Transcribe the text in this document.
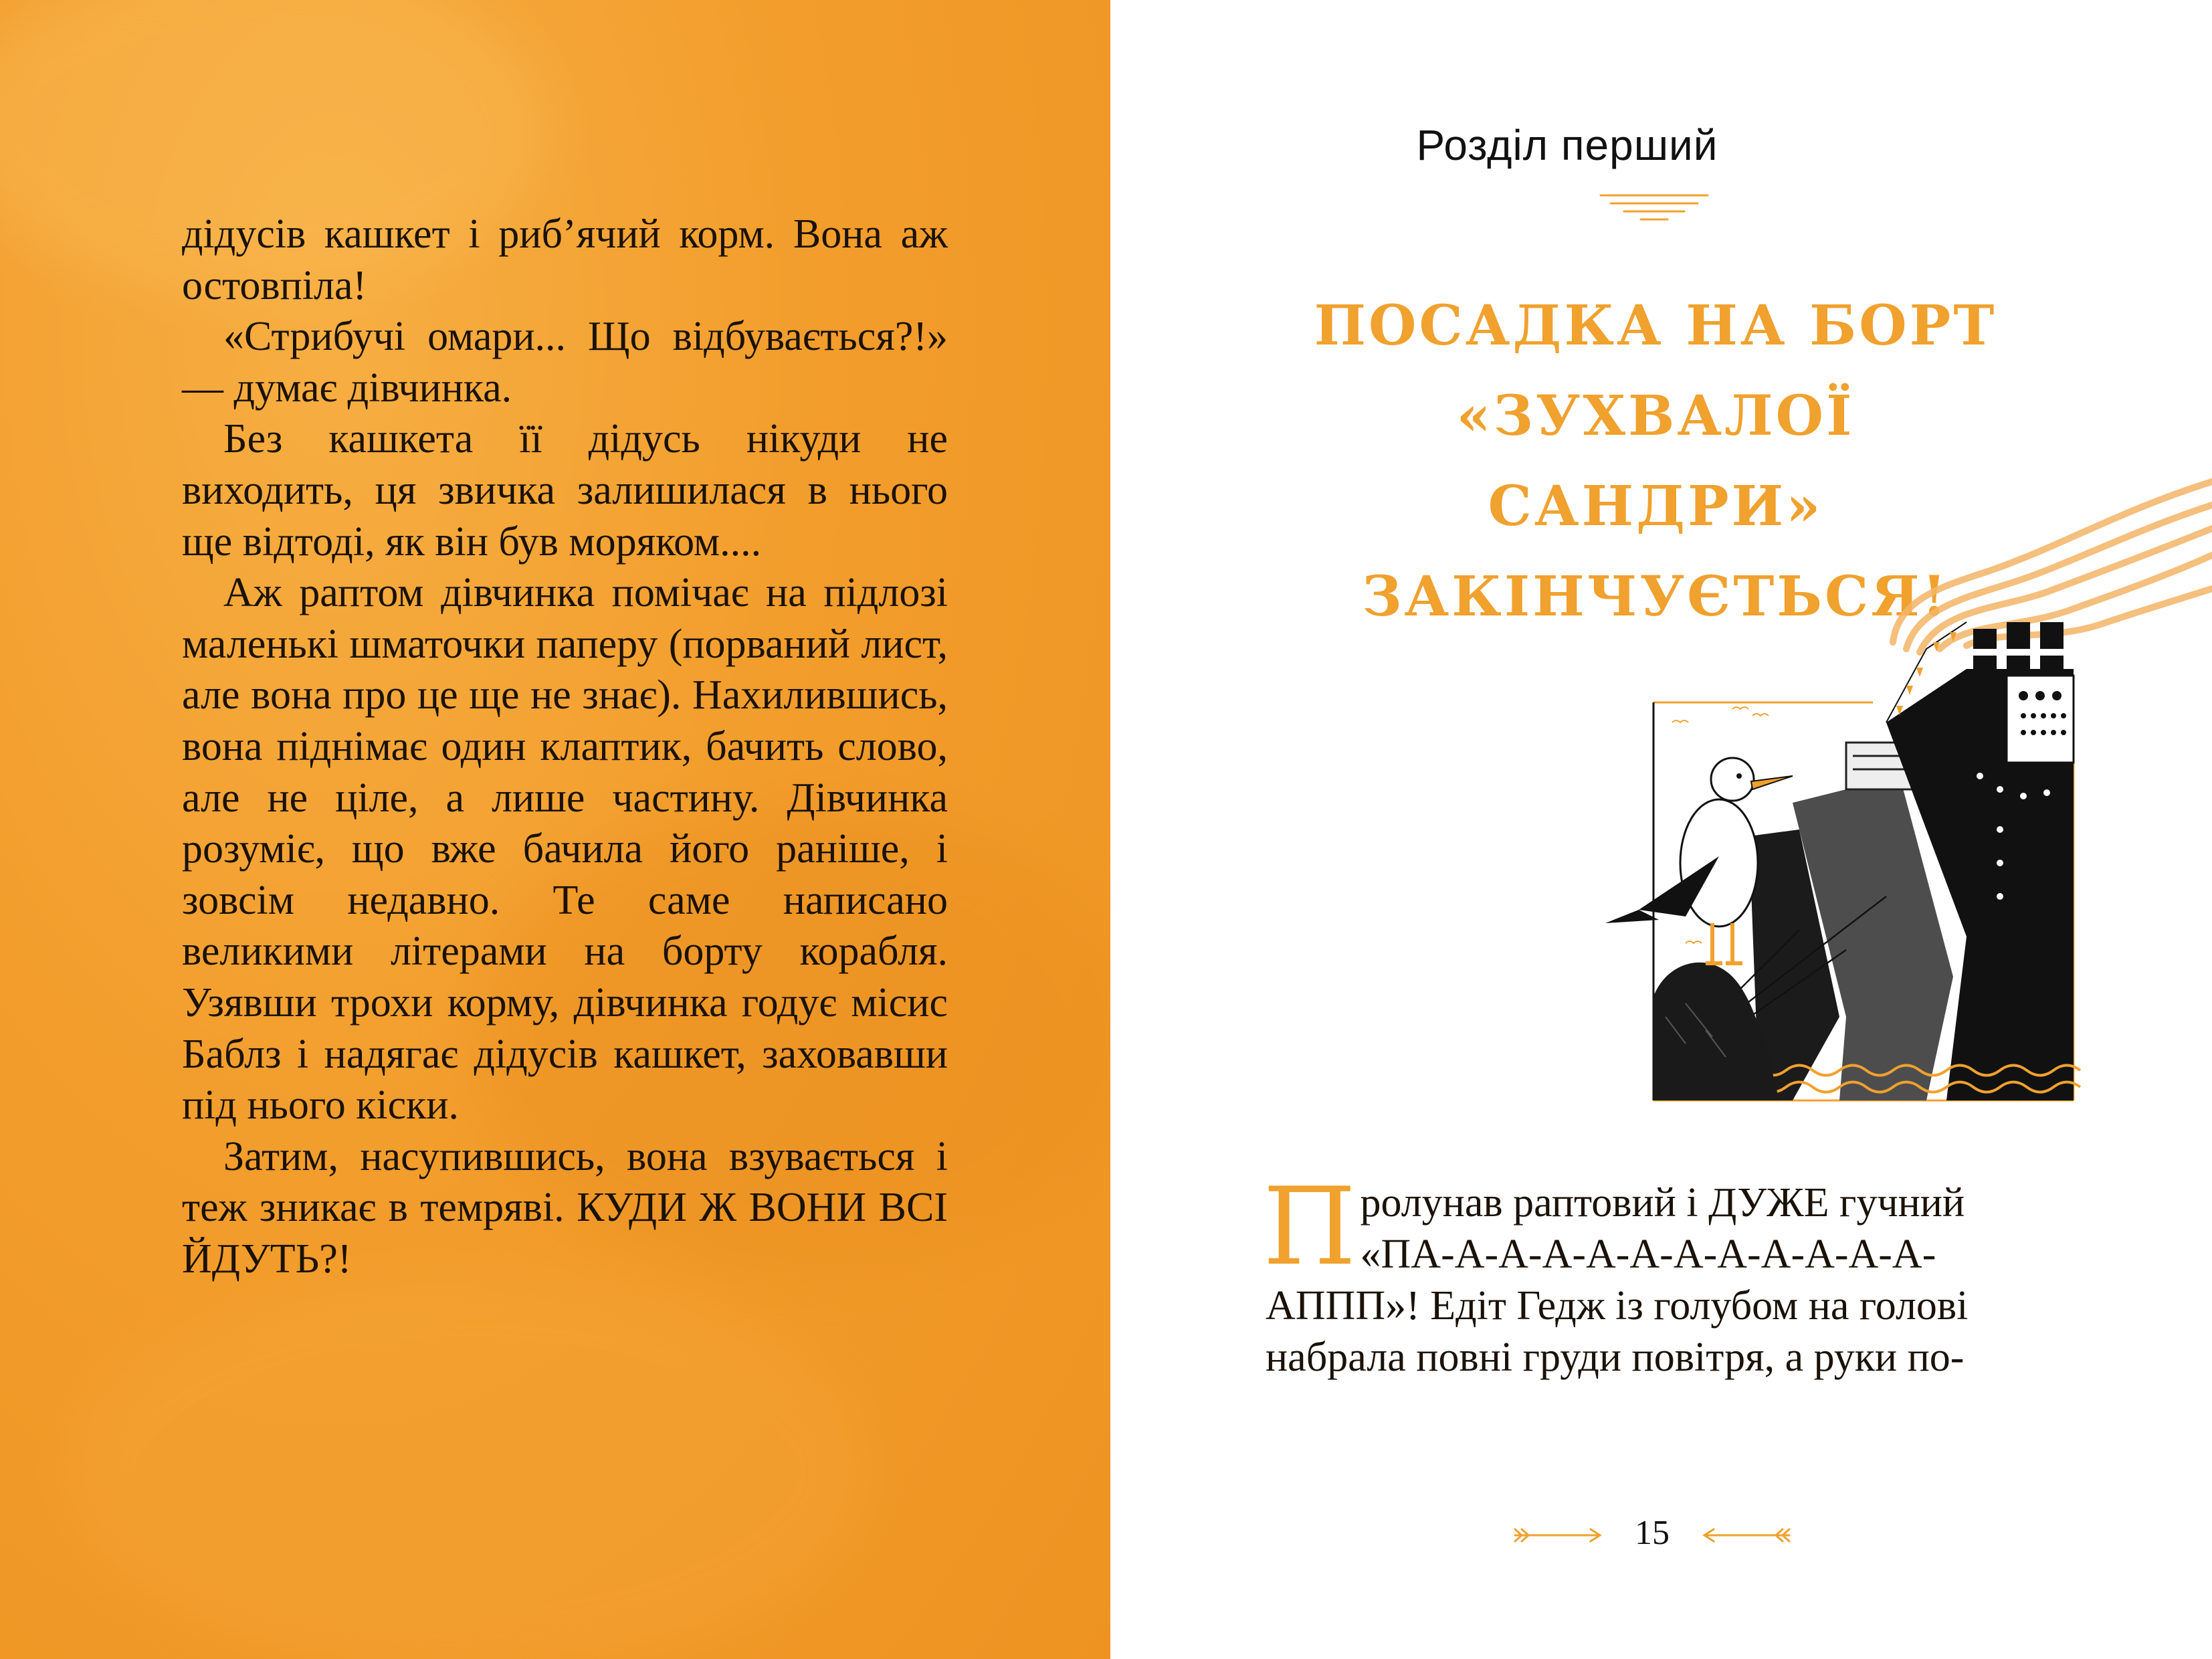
дідусів кашкет і риб’ячий корм. Вона аж остовпіла!

«Стрибучі омари... Що відбувається?!» — думає дівчинка.

Без кашкета її дідусь нікуди не виходить, ця звичка залишилася в нього ще відтоді, як він був моряком....

Аж раптом дівчинка помічає на підлозі маленькі шматочки паперу (порваний лист, але вона про це ще не знає). Нахилившись, вона піднімає один клаптик, бачить слово, але не ціле, а лише частину. Дівчинка розуміє, що вже бачила його раніше, і зовсім недавно. Те саме написано великими літерами на борту корабля. Узявши трохи корму, дівчинка годує місис Баблз і надягає дідусів кашкет, заховавши під нього кіски.

Затим, насупившись, вона взувається і теж зникає в темряві. КУДИ Ж ВОНИ ВСІ ЙДУТЬ?!

Розділ перший
ПОСАДКА НА БОРТ
«ЗУХВАЛОЇ САНДРИ»
ЗАКІНЧУЄТЬСЯ!
Пролунав раптовий і ДУЖЕ гучний «ПА-А-А-А-А-А-А-А-А-А-А-А-АППП»! Едіт Гедж із голубом на голові набрала повні груди повітря, а руки по-
15
